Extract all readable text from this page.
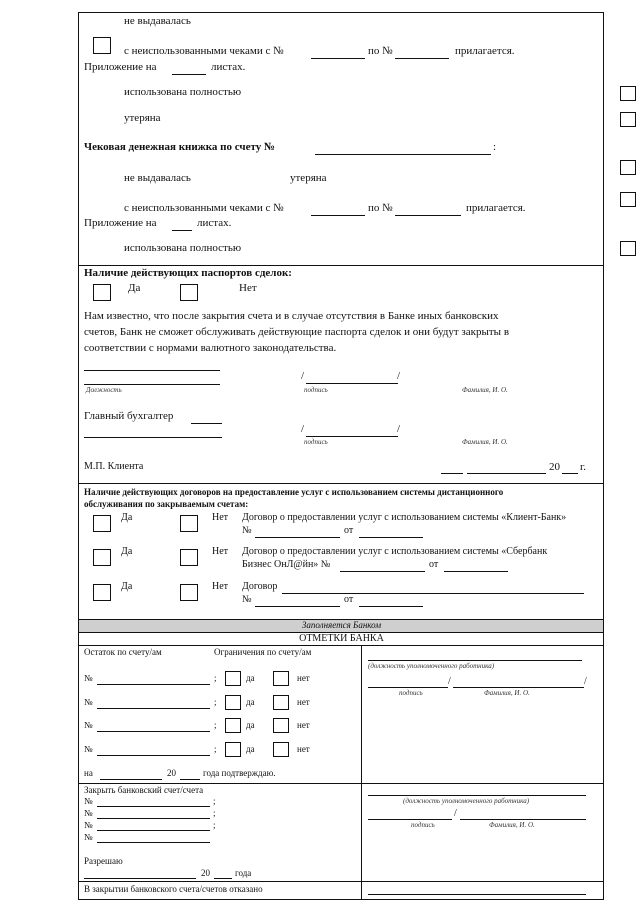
не выдавалась
с неиспользованными чеками с №	по №	прилагается.
Приложение на	листах.
использована полностью
утеряна
Чековая денежная книжка по счету №	:
не выдавалась	утеряна
с неиспользованными чеками с №	по №	прилагается.
Приложение на	листах.
использована полностью
Наличие действующих паспортов сделок:
Да	Нет
Нам известно, что после закрытия счета и в случае отсутствия в Банке иных банковских
счетов, Банк не сможет обслуживать действующие паспорта сделок и они будут закрыты в
соответствии с нормами валютного законодательства.
Должность
/	/
подпись	Фамилия, И. О.
Главный бухгалтер
/	/
подпись	Фамилия, И. О.
М.П. Клиента	20 г.
Наличие действующих договоров на предоставление услуг с использованием системы дистанционного
обслуживания по закрываемым счетам:
Да	Нет Договор о предоставлении услуг с использованием системы «Клиент-Банк»
№	от
Да	Нет Договор о предоставлении услуг с использованием системы «Сбербанк
Бизнес ОнЛ@йн» №	от
Да	Нет Договор
№	от
Заполняется Банком
ОТМЕТКИ БАНКА
Остаток по счету/ам	Ограничения по счету/ам
№	;	да	нет
№	;	да	нет
№	;	да	нет
№	;	да	нет
на	20	года подтверждаю.
(должность уполномоченного работника)
/	/
подпись	Фамилия, И. О.
Закрыть банковский счет/счета
№	;
№	;
№	;
№
Разрешаю
20	года
(должность уполномоченного работника)
/
подпись	Фамилия, И. О.
В закрытии банковского счета/счетов отказано
